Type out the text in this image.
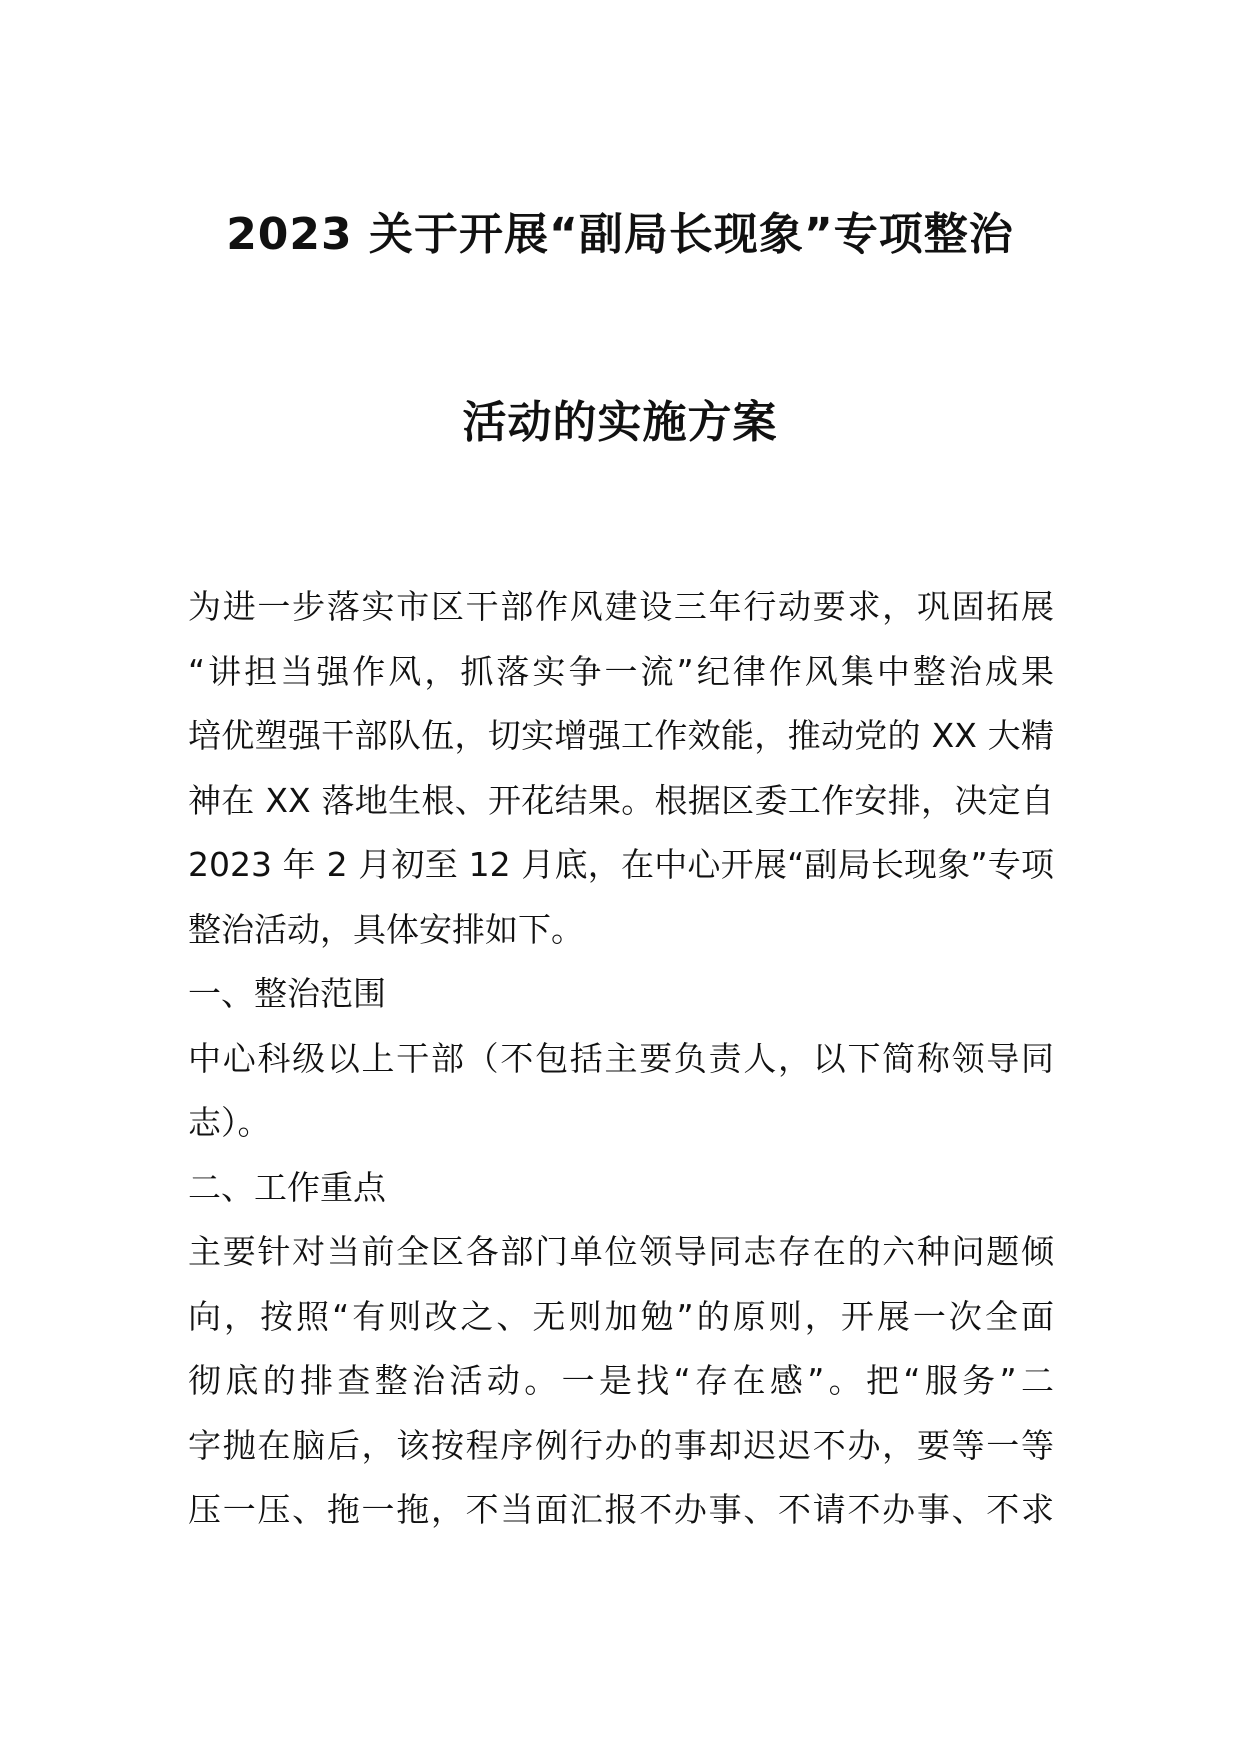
2023 关于开展“副局长现象”专项整治
活动的实施方案
为进一步落实市区干部作风建设三年行动要求，巩固拓展
“讲担当强作风，抓落实争一流”纪律作风集中整治成果
培优塑强干部队伍，切实增强工作效能，推动党的 XX 大精
神在 XX 落地生根、开花结果。根据区委工作安排，决定自
2023 年 2 月初至 12 月底，在中心开展“副局长现象”专项
整治活动，具体安排如下。
一、整治范围
中心科级以上干部（不包括主要负责人，以下简称领导同
志）。
二、工作重点
主要针对当前全区各部门单位领导同志存在的六种问题倾
向，按照“有则改之、无则加勉”的原则，开展一次全面
彻底的排查整治活动。一是找“存在感”。把“服务”二
字抛在脑后，该按程序例行办的事却迟迟不办，要等一等
压一压、拖一拖，不当面汇报不办事、不请不办事、不求
